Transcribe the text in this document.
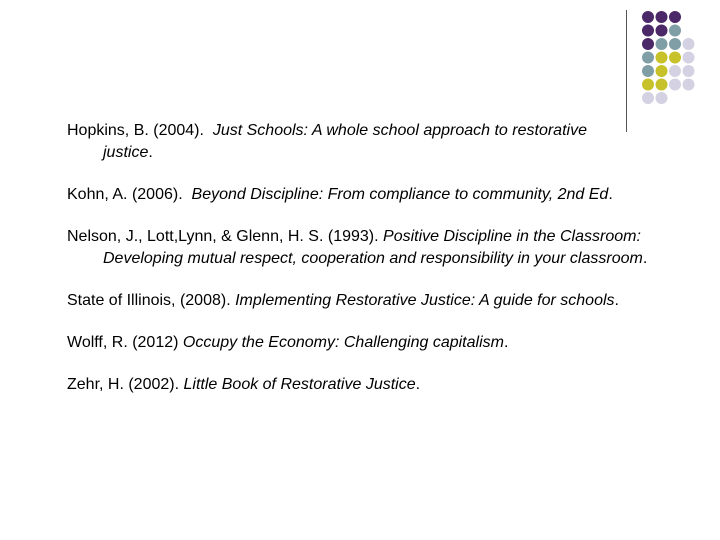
Hopkins, B. (2004). Just Schools: A whole school approach to restorative justice.

Kohn, A. (2006). Beyond Discipline: From compliance to community, 2nd Ed.

Nelson, J., Lott,Lynn, & Glenn, H. S. (1993). Positive Discipline in the Classroom: Developing mutual respect, cooperation and responsibility in your classroom.

State of Illinois, (2008). Implementing Restorative Justice: A guide for schools.

Wolff, R. (2012) Occupy the Economy: Challenging capitalism.

Zehr, H. (2002). Little Book of Restorative Justice.
